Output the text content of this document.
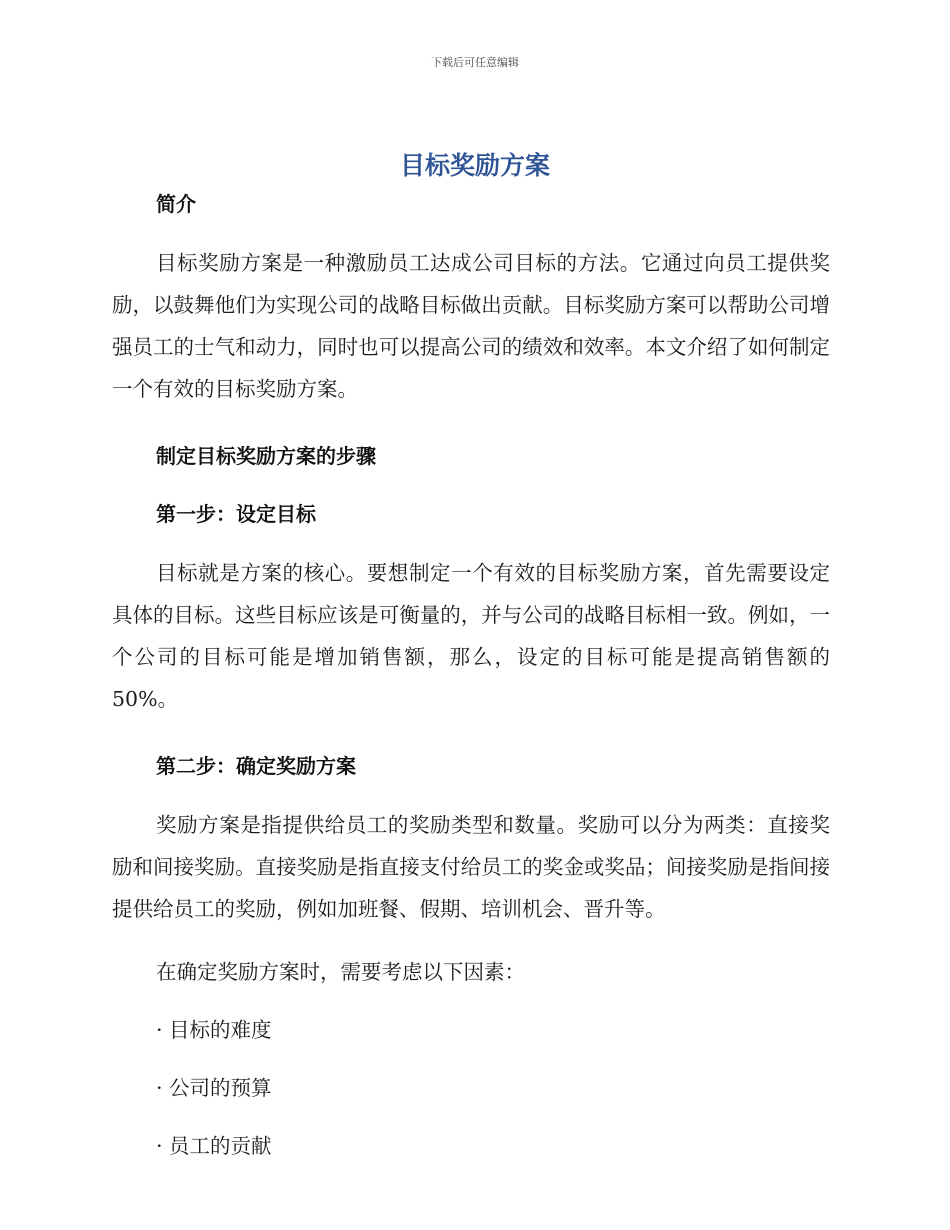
下载后可任意编辑
目标奖励方案
简介

目标奖励方案是一种激励员工达成公司目标的方法。它通过向员工提供奖励，以鼓舞他们为实现公司的战略目标做出贡献。目标奖励方案可以帮助公司增强员工的士气和动力，同时也可以提高公司的绩效和效率。本文介绍了如何制定一个有效的目标奖励方案。

制定目标奖励方案的步骤
第一步：设定目标

目标就是方案的核心。要想制定一个有效的目标奖励方案，首先需要设定具体的目标。这些目标应该是可衡量的，并与公司的战略目标相一致。例如，一个公司的目标可能是增加销售额，那么，设定的目标可能是提高销售额的 50%。

第二步：确定奖励方案

奖励方案是指提供给员工的奖励类型和数量。奖励可以分为两类：直接奖励和间接奖励。直接奖励是指直接支付给员工的奖金或奖品；间接奖励是指间接提供给员工的奖励，例如加班餐、假期、培训机会、晋升等。

在确定奖励方案时，需要考虑以下因素：

· 目标的难度

· 公司的预算

· 员工的贡献
